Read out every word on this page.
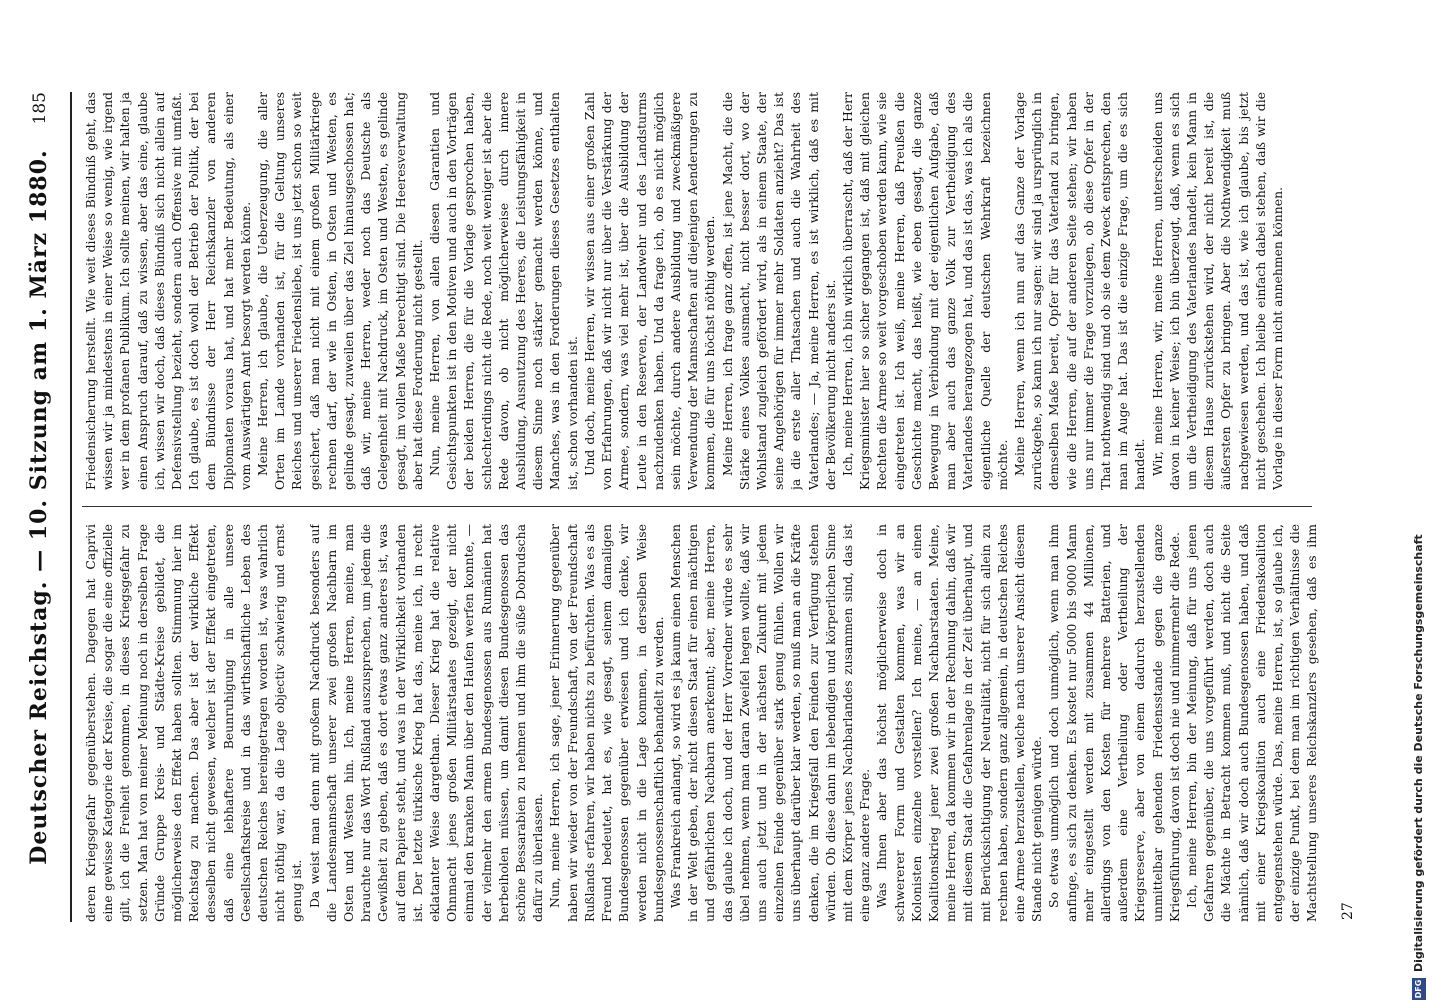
Deutscher Reichstag. — 10. Sitzung am 1. März 1880.
185

deren Kriegsgefahr gegenüberstehen. Dagegen hat Caprivi eine gewisse Kategorie der Kreise, die sogar die eine offizielle gilt, ich die Freiheit genommen, in dieses Kriegsgefahr zu setzen. Man hat von meiner Meinung noch in derselben Frage Gründe Gruppe Kreis- und Städte-Kreise gebildet, die möglicherweise den Effekt haben sollten. Stimmung hier im Reichstag zu machen. Das aber ist der wirkliche Effekt desselben nicht gewesen, welcher ist der Effekt eingetreten, daß eine lebhaftere Beunruhigung in alle unsere Gesellschaftskreise und in das wirthschaftliche Leben des deutschen Reiches hereingetragen worden ist, was wahrlich nicht nöthig war, da die Lage objectiv schwierig und ernst genug ist. Da weist man denn mit großem Nachdruck besonders auf die Landesmannschaft unserer zwei großen Nachbarn im Osten und Westen hin. Ich, meine Herren, meine, man brauchte nur das Wort Rußland auszusprechen, um jedem die Gewißheit zu geben, daß es dort etwas ganz anderes ist, was auf dem Papiere steht, und was in der Wirklichkeit vorhanden ist. Der letzte türkische Krieg hat das, meine ich, in recht eklatanter Weise dargethan. Dieser Krieg hat die relative Ohnmacht jenes großen Militärstaates gezeigt, der nicht einmal den kranken Mann über den Haufen werfen konnte, — der vielmehr den armen Bundesgenossen aus Rumänien hat herbeiholen müssen, um damit diesen Bundesgenossen das schöne Bessarabien zu nehmen und ihm die süße Dobrudscha dafür zu überlassen. Nun, meine Herren, ich sage, jener Erinnerung gegenüber haben wir wieder von der Freundschaft, von der Freundschaft Rußlands erfahren, wir haben nichts zu befürchten. Was es als Freund bedeutet, hat es, wie gesagt, seinem damaligen Bundesgenossen gegenüber erwiesen und ich denke, wir werden nicht in die Lage kommen, in derselben Weise bundesgenossenschaftlich behandelt zu werden. Was Frankreich anlangt, so wird es ja kaum einen Menschen in der Welt geben, der nicht diesen Staat für einen mächtigen und gefährlichen Nachbarn anerkennt; aber, meine Herren, das glaube ich doch, und der Herr Vorredner würde es sehr übel nehmen, wenn man daran Zweifel hegen wollte, daß wir uns auch jetzt und in der nächsten Zukunft mit jedem einzelnen Feinde gegenüber stark genug fühlen. Wollen wir uns überhaupt darüber klar werden, so muß man an die Kräfte denken, die im Kriegsfall den Feinden zur Verfügung stehen würden. Ob diese dann im lebendigen und körperlichen Sinne mit dem Körper jenes Nachbarlandes zusammen sind, das ist eine ganz andere Frage. Was Ihnen aber das höchst möglicherweise doch in schwererer Form und Gestalten kommen, was wir an Kolonisten einzelne vorstellen? Ich meine, — an einen Koalitionskrieg jener zwei großen Nachbarstaaten. Meine, meine Herren, da kommen wir in der Rechnung dahin, daß wir mit diesem Staat die Gefahrenlage in der Zeit überhaupt, und mit Berücksichtigung der Neutralität, nicht für sich allein zu rechnen haben, sondern ganz allgemein, in deutschen Reiches eine Armee herzustellen, welche nach unserer Ansicht diesem Stande nicht genügen würde. So etwas unmöglich und doch unmöglich, wenn man ihm anfinge, es sich zu denken. Es kostet nur 5000 bis 9000 Mann mehr eingestellt werden mit zusammen 44 Millionen, allerdings von den Kosten für mehrere Batterien, und außerdem eine Vertheilung oder Vertheilung der Kriegsreserve, aber von einem dadurch herzustellenden unmittelbar gehenden Friedensstande gegen die ganze Kriegsführung, davon ist doch nie und nimmermehr die Rede. Ich, meine Herren, bin der Meinung, daß für uns jenen Gefahren gegenüber, die uns vorgeführt werden, doch auch die Mächte in Betracht kommen muß, und nicht die Seite nämlich, daß wir doch auch Bundesgenossen haben, und daß mit einer Kriegskoalition auch eine Friedenskoalition entgegenstehen würde. Das, meine Herren, ist, so glaube ich, der einzige Punkt, bei dem man im richtigen Verhältnisse die Machtstellung unseres Reichskanzlers gesehen, daß es ihm

Friedensicherung herstellt. Wie weit dieses Bündniß geht, das wissen wir ja mindestens in einer Weise so wenig, wie irgend wer in dem profanen Publikum. Ich sollte meinen, wir halten ja einen Anspruch darauf, daß zu wissen, aber das eine, glaube ich, wissen wir doch, daß dieses Bündniß sich nicht allein auf Defensivstellung bezieht, sondern auch Offensive mit umfaßt. Ich glaube, es ist doch wohl der Betrieb der Politik, der bei dem Bündnisse der Herr Reichskanzler von anderen Diplomaten voraus hat, und hat mehr Bedeutung, als einer vom Auswärtigen Amt besorgt werden könne. Meine Herren, ich glaube, die Ueberzeugung, die aller Orten im Lande vorhanden ist, für die Geltung unseres Reiches und unserer Friedensliebe, ist uns jetzt schon so weit gesichert, daß man nicht mit einem großen Militärkriege rechnen darf, der wie in Osten, in Osten und Westen, es gelinde gesagt, zuweilen über das Ziel hinausgeschossen hat; daß wir, meine Herren, weder noch das Deutsche als Gelegenheit mit Nachdruck, im Osten und Westen, es gelinde gesagt, im vollen Maße berechtigt sind. Die Heeresverwaltung aber hat diese Forderung nicht gestellt. Nun, meine Herren, von allen diesen Garantien und Gesichtspunkten ist in den Motiven und auch in den Vorträgen der beiden Herren, die für die Vorlage gesprochen haben, schlechterdings nicht die Rede, noch weit weniger ist aber die Rede davon, ob nicht möglicherweise durch innere Ausbildung, Ausnutzung des Heeres, die Leistungsfähigkeit in diesem Sinne noch stärker gemacht werden könne, und Manches, was in den Forderungen dieses Gesetzes enthalten ist, schon vorhanden ist. Und doch, meine Herren, wir wissen aus einer großen Zahl von Erfahrungen, daß wir nicht nur über die Verstärkung der Armee, sondern, was viel mehr ist, über die Ausbildung der Leute in den Reserven, der Landwehr und des Landsturms nachzudenken haben. Und da frage ich, ob es nicht möglich sein möchte, durch andere Ausbildung und zweckmäßigere Verwendung der Mannschaften auf diejenigen Aenderungen zu kommen, die für uns höchst nöthig werden. Meine Herren, ich frage ganz offen, ist jene Macht, die die Stärke eines Volkes ausmacht, nicht besser dort, wo der Wohlstand zugleich gefördert wird, als in einem Staate, der seine Angehörigen für immer mehr Soldaten anzieht? Das ist ja die erste aller Thatsachen und auch die Wahrheit des Vaterlandes; — Ja, meine Herren, es ist wirklich, daß es mit der Bevölkerung nicht anders ist. Ich, meine Herren, ich bin wirklich überrascht, daß der Herr Kriegsminister hier so sicher gegangen ist, daß mit gleichen Rechten die Armee so weit vorgeschoben werden kann, wie sie eingetreten ist. Ich weiß, meine Herren, daß Preußen die Geschichte macht, das heißt, wie eben gesagt, die ganze Bewegung in Verbindung mit der eigentlichen Aufgabe, daß man aber auch das ganze Volk zur Vertheidigung des Vaterlandes herangezogen hat, und das ist das, was ich als die eigentliche Quelle der deutschen Wehrkraft bezeichnen möchte. Meine Herren, wenn ich nun auf das Ganze der Vorlage zurückgehe, so kann ich nur sagen: wir sind ja ursprünglich in demselben Maße bereit, Opfer für das Vaterland zu bringen, wie die Herren, die auf der anderen Seite stehen; wir haben uns nur immer die Frage vorzulegen, ob diese Opfer in der That nothwendig sind und ob sie dem Zweck entsprechen, den man im Auge hat. Das ist die einzige Frage, um die es sich handelt. Wir, meine Herren, wir, meine Herren, unterscheiden uns davon in keiner Weise; ich bin überzeugt, daß, wenn es sich um die Vertheidigung des Vaterlandes handelt, kein Mann in diesem Hause zurückstehen wird, der nicht bereit ist, die äußersten Opfer zu bringen. Aber die Nothwendigkeit muß nachgewiesen werden, und das ist, wie ich glaube, bis jetzt nicht geschehen. Ich bleibe einfach dabei stehen, daß wir die Vorlage in dieser Form nicht annehmen können.

27
DFG
Digitalisierung gefördert durch die Deutsche Forschungsgemeinschaft
